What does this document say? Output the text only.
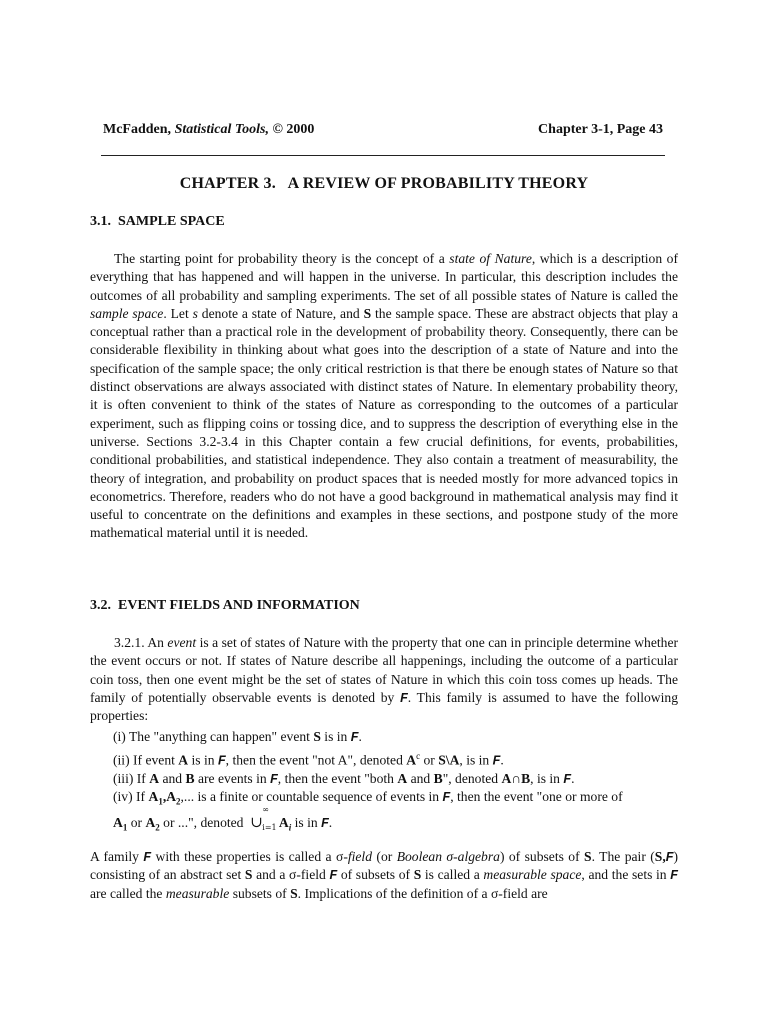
McFadden, Statistical Tools, © 2000	Chapter 3-1, Page 43
CHAPTER 3.   A REVIEW OF PROBABILITY THEORY
3.1.  SAMPLE SPACE

The starting point for probability theory is the concept of a state of Nature, which is a description of everything that has happened and will happen in the universe. In particular, this description includes the outcomes of all probability and sampling experiments. The set of all possible states of Nature is called the sample space. Let s denote a state of Nature, and S the sample space. These are abstract objects that play a conceptual rather than a practical role in the development of probability theory. Consequently, there can be considerable flexibility in thinking about what goes into the description of a state of Nature and into the specification of the sample space; the only critical restriction is that there be enough states of Nature so that distinct observations are always associated with distinct states of Nature. In elementary probability theory, it is often convenient to think of the states of Nature as corresponding to the outcomes of a particular experiment, such as flipping coins or tossing dice, and to suppress the description of everything else in the universe. Sections 3.2-3.4 in this Chapter contain a few crucial definitions, for events, probabilities, conditional probabilities, and statistical independence. They also contain a treatment of measurability, the theory of integration, and probability on product spaces that is needed mostly for more advanced topics in econometrics. Therefore, readers who do not have a good background in mathematical analysis may find it useful to concentrate on the definitions and examples in these sections, and postpone study of the more mathematical material until it is needed.

3.2.  EVENT FIELDS AND INFORMATION

3.2.1. An event is a set of states of Nature with the property that one can in principle determine whether the event occurs or not. If states of Nature describe all happenings, including the outcome of a particular coin toss, then one event might be the set of states of Nature in which this coin toss comes up heads. The family of potentially observable events is denoted by F. This family is assumed to have the following properties:

(i) The "anything can happen" event S is in F.
(ii) If event A is in F, then the event "not A", denoted $A^c$ or S\A, is in F.
(iii) If A and B are events in F, then the event "both A and B", denoted A∩B, is in F.
(iv) If $A_1,A_2$,... is a finite or countable sequence of events in F, then the event "one or more of
$A_1$ or $A_2$ or ...", denoted  ∪
∞
i=1
$A_i$ is in F.

A family F with these properties is called a σ-field (or Boolean σ-algebra) of subsets of S. The pair (S,F) consisting of an abstract set S and a σ-field F of subsets of S is called a measurable space, and the sets in F are called the measurable subsets of S. Implications of the definition of a σ-field are
